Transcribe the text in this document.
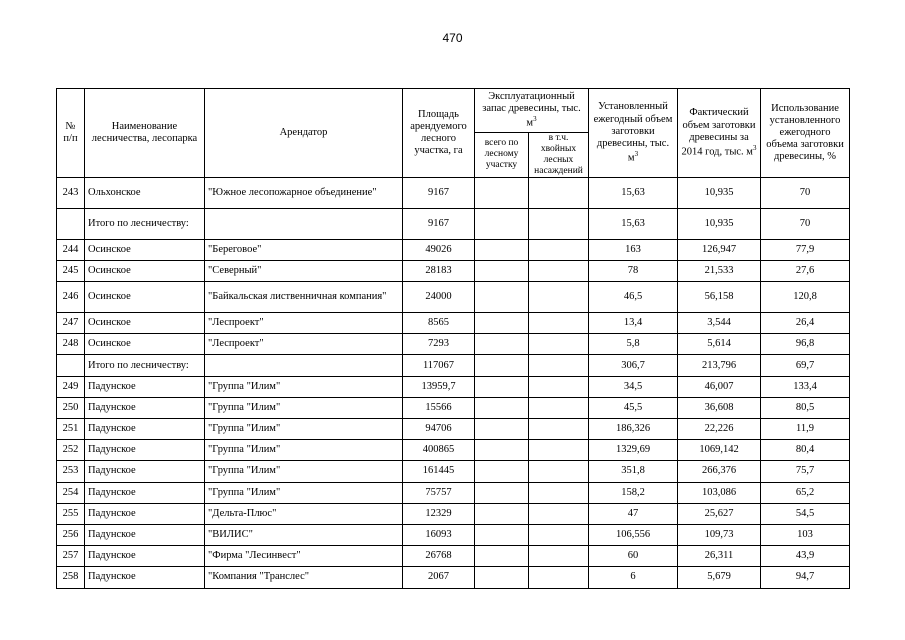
470
№ п/п	Наименование лесничества, лесопарка	Арендатор	Площадь арендуемого лесного участка, га	Эксплуатационный запас древесины, тыс. $м^3$		Установленный ежегодный объем заготовки древесины, тыс. $м^3$	Фактический объем заготовки древесины за 2014 год, тыс. $м^3$	Использование установленного ежегодного объема заготовки древесины, %
				всего по лесному участку	в т.ч. хвойных лесных насаждений			
243	Ольхонское	"Южное лесопожарное объединение"	9167			15,63	10,935	70
	Итого по лесничеству:		9167			15,63	10,935	70
244	Осинское	"Береговое"	49026			163	126,947	77,9
245	Осинское	"Северный"	28183			78	21,533	27,6
246	Осинское	"Байкальская лиственничная компания"	24000			46,5	56,158	120,8
247	Осинское	"Леспроект"	8565			13,4	3,544	26,4
248	Осинское	"Леспроект"	7293			5,8	5,614	96,8
	Итого по лесничеству:		117067			306,7	213,796	69,7
249	Падунское	"Группа "Илим"	13959,7			34,5	46,007	133,4
250	Падунское	"Группа "Илим"	15566			45,5	36,608	80,5
251	Падунское	"Группа "Илим"	94706			186,326	22,226	11,9
252	Падунское	"Группа "Илим"	400865			1329,69	1069,142	80,4
253	Падунское	"Группа "Илим"	161445			351,8	266,376	75,7
254	Падунское	"Группа "Илим"	75757			158,2	103,086	65,2
255	Падунское	"Дельта-Плюс"	12329			47	25,627	54,5
256	Падунское	"ВИЛИС"	16093			106,556	109,73	103
257	Падунское	"Фирма "Лесинвест"	26768			60	26,311	43,9
258	Падунское	"Компания "Транслес"	2067			6	5,679	94,7
